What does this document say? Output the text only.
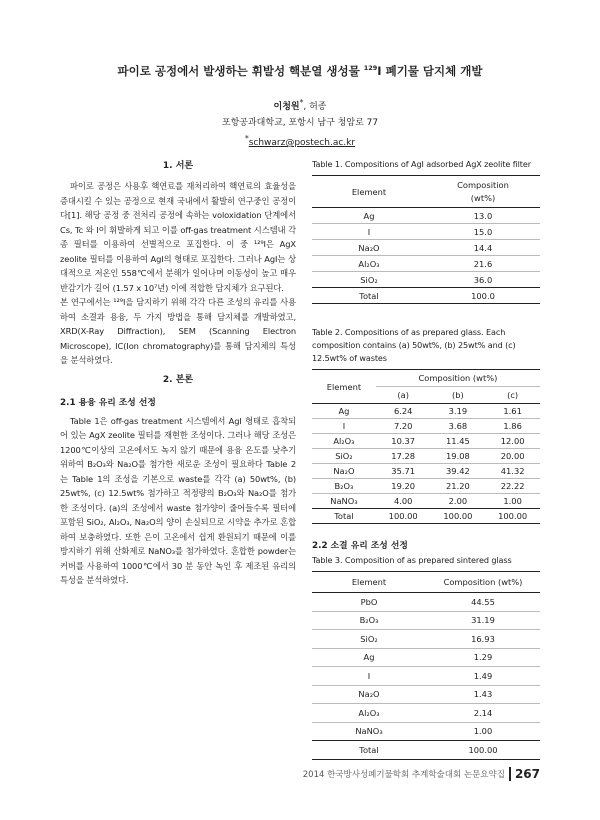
파이로 공정에서 발생하는 휘발성 핵분열 생성물 $^{129}$I 폐기물 담지체 개발
이청원*, 허종
포항공과대학교, 포항시 남구 청암로 77
*schwarz@postech.ac.kr
1. 서론

파이로 공정은 사용후 핵연료를 재처리하여 핵연료의 효율성을 증대시킬 수 있는 공정으로 현재 국내에서 활발히 연구중인 공정이다[1]. 해당 공정 중 전처리 공정에 속하는 voloxidation 단계에서 Cs, Tc 와 I이 휘발하게 되고 이를 off-gas treatment 시스템내 각종 필터를 이용하여 선별적으로 포집한다. 이 중 ¹²⁹I은 AgX zeolite 필터를 이용하여 AgI의 형태로 포집한다. 그러나 AgI는 상대적으로 저온인 558℃에서 분해가 일어나며 이동성이 높고 매우 반감기가 길어 (1.57 x 10⁷년) 이에 적합한 담지체가 요구된다.

본 연구에서는 ¹²⁹I을 담지하기 위해 각각 다른 조성의 유리를 사용하여 소결과 용융, 두 가지 방법을 통해 담지체를 개발하였고, XRD(X-Ray Diffraction), SEM (Scanning Electron Microscope), IC(Ion chromatography)를 통해 담지체의 특성을 분석하였다.

2. 본론
2.1 용융 유리 조성 선정

Table 1은 off-gas treatment 시스템에서 AgI 형태로 흡착되어 있는 AgX zeolite 필터를 재현한 조성이다. 그러나 해당 조성은 1200℃이상의 고온에서도 녹지 않기 때문에 용융 온도를 낮추기 위하여 B₂O₃와 Na₂O를 첨가한 새로운 조성이 필요하다 Table 2는 Table 1의 조성을 기본으로 waste를 각각 (a) 50wt%, (b) 25wt%, (c) 12.5wt% 첨가하고 적정량의 B₂O₃와 Na₂O를 첨가한 조성이다. (a)의 조성에서 waste 첨가양이 줄어들수록 필터에 포함된 SiO₂, Al₂O₃, Na₂O의 양이 손실되므로 시약을 추가로 혼합하여 보충하였다. 또한 은이 고온에서 쉽게 환원되기 때문에 이를 방지하기 위해 산화제로 NaNO₃를 첨가하였다. 혼합한 powder는 커버를 사용하여 1000℃에서 30 분 동안 녹인 후 제조된 유리의 특성을 분석하였다.

Table 1. Compositions of AgI adsorbed AgX zeolite filter
Element	Composition
(wt%)
Ag	13.0
I	15.0
Na₂O	14.4
Al₂O₃	21.6
SiO₂	36.0
Total	100.0
Table 2. Compositions of as prepared glass. Each composition contains (a) 50wt%, (b) 25wt% and (c) 12.5wt% of wastes
Element	Composition (wt%)		
	(a)	(b)	(c)
Ag	6.24	3.19	1.61
I	7.20	3.68	1.86
Al₂O₃	10.37	11.45	12.00
SiO₂	17.28	19.08	20.00
Na₂O	35.71	39.42	41.32
B₂O₃	19.20	21.20	22.22
NaNO₃	4.00	2.00	1.00
Total	100.00	100.00	100.00
2.2 소결 유리 조성 선정
Table 3. Composition of as prepared sintered glass
Element	Composition (wt%)
PbO	44.55
B₂O₃	31.19
SiO₂	16.93
Ag	1.29
I	1.49
Na₂O	1.43
Al₂O₃	2.14
NaNO₃	1.00
Total	100.00
2014 한국방사성폐기물학회 추계학술대회 논문요약집 267
